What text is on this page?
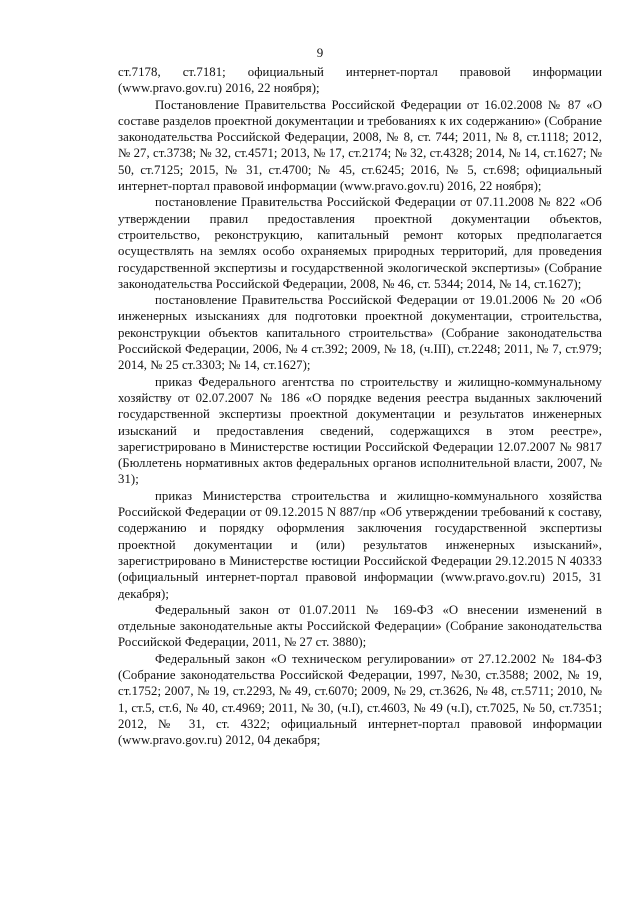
9

ст.7178, ст.7181; официальный интернет-портал правовой информации (www.pravo.gov.ru) 2016, 22 ноября);

Постановление Правительства Российской Федерации от 16.02.2008 № 87 «О составе разделов проектной документации и требованиях к их содержанию» (Собрание законодательства Российской Федерации, 2008, № 8, ст. 744; 2011, № 8, ст.1118; 2012, № 27, ст.3738; № 32, ст.4571; 2013, № 17, ст.2174; № 32, ст.4328; 2014, № 14, ст.1627; № 50, ст.7125; 2015, № 31, ст.4700; № 45, ст.6245; 2016, № 5, ст.698; официальный интернет-портал правовой информации (www.pravo.gov.ru) 2016, 22 ноября);

постановление Правительства Российской Федерации от 07.11.2008 № 822 «Об утверждении правил предоставления проектной документации объектов, строительство, реконструкцию, капитальный ремонт которых предполагается осуществлять на землях особо охраняемых природных территорий, для проведения государственной экспертизы и государственной экологической экспертизы» (Собрание законодательства Российской Федерации, 2008, № 46, ст. 5344; 2014, № 14, ст.1627);

постановление Правительства Российской Федерации от 19.01.2006 № 20 «Об инженерных изысканиях для подготовки проектной документации, строительства, реконструкции объектов капитального строительства» (Собрание законодательства Российской Федерации, 2006, № 4 ст.392; 2009, № 18, (ч.III), ст.2248; 2011, № 7, ст.979; 2014, № 25 ст.3303; № 14, ст.1627);

приказ Федерального агентства по строительству и жилищно-коммунальному хозяйству от 02.07.2007 № 186 «О порядке ведения реестра выданных заключений государственной экспертизы проектной документации и результатов инженерных изысканий и предоставления сведений, содержащихся в этом реестре», зарегистрировано в Министерстве юстиции Российской Федерации 12.07.2007 № 9817 (Бюллетень нормативных актов федеральных органов исполнительной власти, 2007, № 31);

приказ Министерства строительства и жилищно-коммунального хозяйства Российской Федерации от 09.12.2015 N 887/пр «Об утверждении требований к составу, содержанию и порядку оформления заключения государственной экспертизы проектной документации и (или) результатов инженерных изысканий», зарегистрировано в Министерстве юстиции Российской Федерации 29.12.2015 N 40333 (официальный интернет-портал правовой информации (www.pravo.gov.ru) 2015, 31 декабря);

Федеральный закон от 01.07.2011 № 169-ФЗ «О внесении изменений в отдельные законодательные акты Российской Федерации» (Собрание законодательства Российской Федерации, 2011, № 27 ст. 3880);

Федеральный закон «О техническом регулировании» от 27.12.2002 № 184-ФЗ (Собрание законодательства Российской Федерации, 1997, №30, ст.3588; 2002, № 19, ст.1752; 2007, № 19, ст.2293, № 49, ст.6070; 2009, № 29, ст.3626, № 48, ст.5711; 2010, № 1, ст.5, ст.6, № 40, ст.4969; 2011, № 30, (ч.I), ст.4603, № 49 (ч.I), ст.7025, № 50, ст.7351; 2012, № 31, ст. 4322; официальный интернет-портал правовой информации (www.pravo.gov.ru) 2012, 04 декабря;
